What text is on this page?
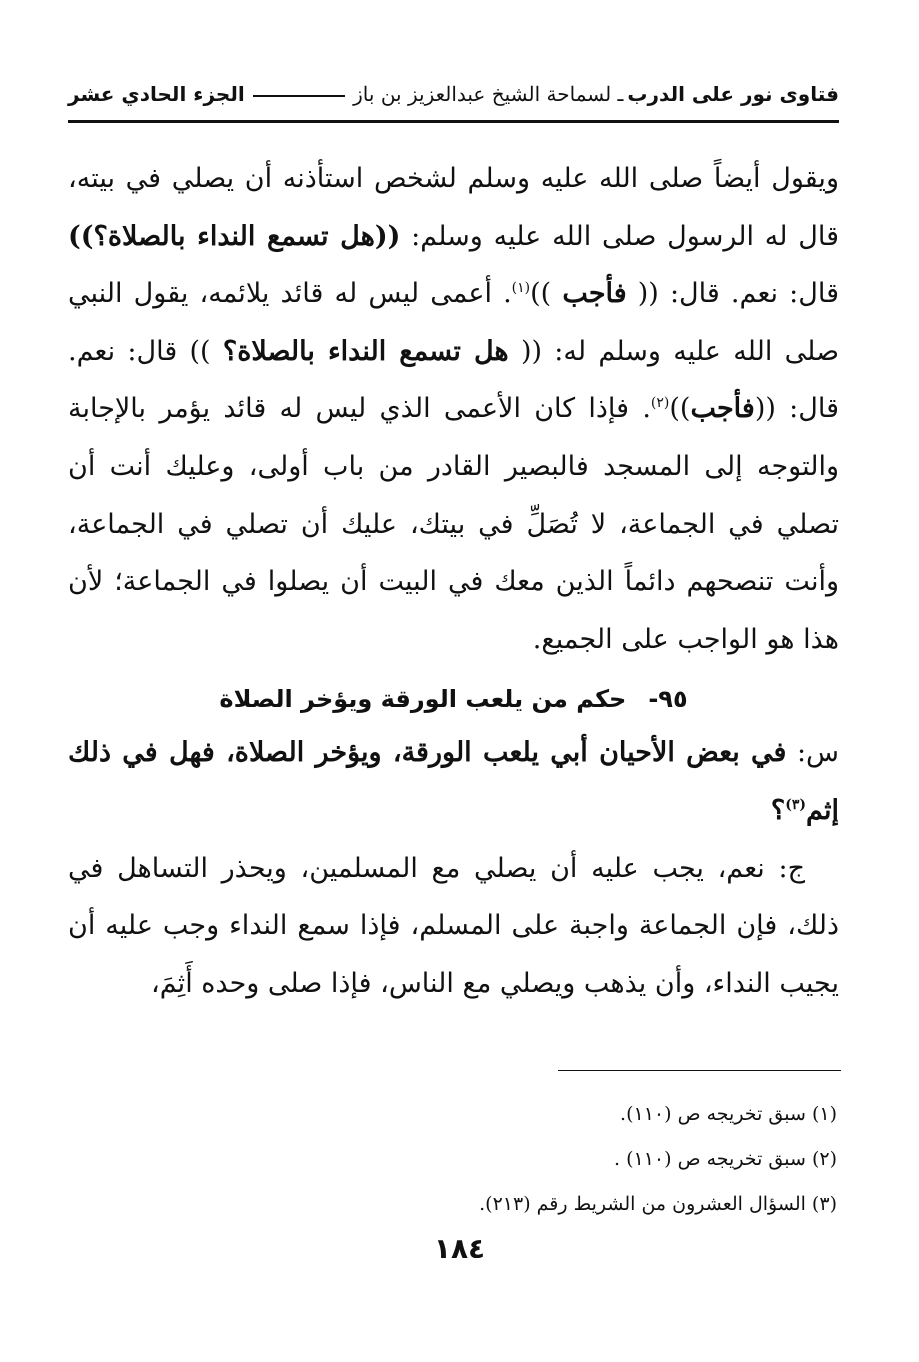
فتاوى نور على الدرب
ـ لسماحة الشيخ عبدالعزيز بن باز
الجزء الحادي عشر

ويقول أيضاً صلى الله عليه وسلم لشخص استأذنه أن يصلي في بيته، قال له الرسول صلى الله عليه وسلم: ((هل تسمع النداء بالصلاة؟)) قال: نعم. قال: (( فأجب ))$^{(١)}$. أعمى ليس له قائد يلائمه، يقول النبي صلى الله عليه وسلم له: (( هل تسمع النداء بالصلاة؟ )) قال: نعم. قال: ((فأجب))$^{(٢)}$. فإذا كان الأعمى الذي ليس له قائد يؤمر بالإجابة والتوجه إلى المسجد فالبصير القادر من باب أولى، وعليك أنت أن تصلي في الجماعة، لا تُصَلِّ في بيتك، عليك أن تصلي في الجماعة، وأنت تنصحهم دائماً الذين معك في البيت أن يصلوا في الجماعة؛ لأن هذا هو الواجب على الجميع.

٩٥-حكم من يلعب الورقة ويؤخر الصلاة

س: في بعض الأحيان أبي يلعب الورقة، ويؤخر الصلاة، فهل في ذلك إثم$^{(٣)}$؟

ج: نعم، يجب عليه أن يصلي مع المسلمين، ويحذر التساهل في ذلك، فإن الجماعة واجبة على المسلم، فإذا سمع النداء وجب عليه أن يجيب النداء، وأن يذهب ويصلي مع الناس، فإذا صلى وحده أَثِمَ،

(١) سبق تخريجه ص (١١٠).
(٢) سبق تخريجه ص (١١٠) .
(٣) السؤال العشرون من الشريط رقم (٢١٣).
١٨٤
